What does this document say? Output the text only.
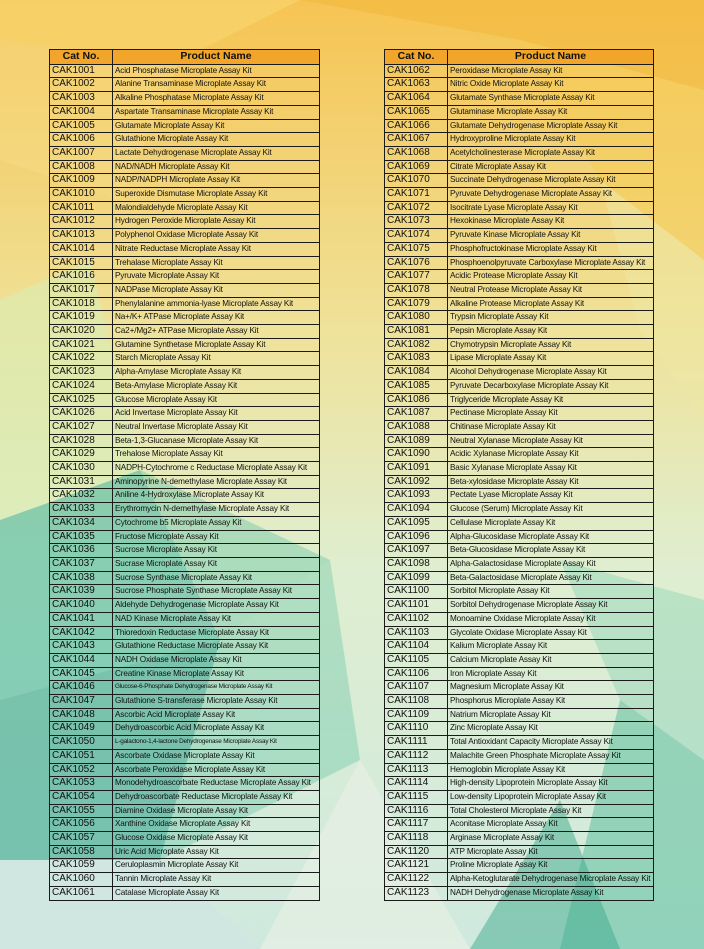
Cat No.	Product Name
CAK1001	Acid Phosphatase Microplate Assay Kit
CAK1002	Alanine Transaminase Microplate Assay Kit
CAK1003	Alkaline Phosphatase Microplate Assay Kit
CAK1004	Aspartate Transaminase Microplate Assay Kit
CAK1005	Glutamate Microplate Assay Kit
CAK1006	Glutathione Microplate Assay Kit
CAK1007	Lactate Dehydrogenase Microplate Assay Kit
CAK1008	NAD/NADH Microplate Assay Kit
CAK1009	NADP/NADPH Microplate Assay Kit
CAK1010	Superoxide Dismutase Microplate Assay Kit
CAK1011	Malondialdehyde Microplate Assay Kit
CAK1012	Hydrogen Peroxide Microplate Assay Kit
CAK1013	Polyphenol Oxidase Microplate Assay Kit
CAK1014	Nitrate Reductase Microplate Assay Kit
CAK1015	Trehalase Microplate Assay Kit
CAK1016	Pyruvate Microplate Assay Kit
CAK1017	NADPase Microplate Assay Kit
CAK1018	Phenylalanine ammonia-lyase Microplate Assay Kit
CAK1019	Na+/K+ ATPase Microplate Assay Kit
CAK1020	Ca2+/Mg2+ ATPase Microplate Assay Kit
CAK1021	Glutamine Synthetase Microplate Assay Kit
CAK1022	Starch Microplate Assay Kit
CAK1023	Alpha-Amylase Microplate Assay Kit
CAK1024	Beta-Amylase Microplate Assay Kit
CAK1025	Glucose Microplate Assay Kit
CAK1026	Acid Invertase Microplate Assay Kit
CAK1027	Neutral Invertase Microplate Assay Kit
CAK1028	Beta-1,3-Glucanase Microplate Assay Kit
CAK1029	Trehalose Microplate Assay Kit
CAK1030	NADPH-Cytochrome c Reductase Microplate Assay Kit
CAK1031	Aminopyrine N-demethylase Microplate Assay Kit
CAK1032	Aniline 4-Hydroxylase Microplate Assay Kit
CAK1033	Erythromycin N-demethylase Microplate Assay Kit
CAK1034	Cytochrome b5 Microplate Assay Kit
CAK1035	Fructose Microplate Assay Kit
CAK1036	Sucrose Microplate Assay Kit
CAK1037	Sucrase Microplate Assay Kit
CAK1038	Sucrose Synthase Microplate Assay Kit
CAK1039	Sucrose Phosphate Synthase Microplate Assay Kit
CAK1040	Aldehyde Dehydrogenase Microplate Assay Kit
CAK1041	NAD Kinase Microplate Assay Kit
CAK1042	Thioredoxin Reductase Microplate Assay Kit
CAK1043	Glutathione Reductase Microplate Assay Kit
CAK1044	NADH Oxidase Microplate Assay Kit
CAK1045	Creatine Kinase Microplate Assay Kit
CAK1046	Glucose-6-Phosphate Dehydrogenase Microplate Assay Kit
CAK1047	Glutathione S-transferase Microplate Assay Kit
CAK1048	Ascorbic Acid Microplate Assay Kit
CAK1049	Dehydroascorbic Acid Microplate Assay Kit
CAK1050	L-galactono-1,4-lactone Dehydrogenase Microplate Assay Kit
CAK1051	Ascorbate Oxidase Microplate Assay Kit
CAK1052	Ascorbate Peroxidase Microplate Assay Kit
CAK1053	Monodehydroascorbate Reductase Microplate Assay Kit
CAK1054	Dehydroascorbate Reductase Microplate Assay Kit
CAK1055	Diamine Oxidase Microplate Assay Kit
CAK1056	Xanthine Oxidase Microplate Assay Kit
CAK1057	Glucose Oxidase Microplate Assay Kit
CAK1058	Uric Acid Microplate Assay Kit
CAK1059	Ceruloplasmin Microplate Assay Kit
CAK1060	Tannin Microplate Assay Kit
CAK1061	Catalase Microplate Assay Kit
Cat No.	Product Name
CAK1062	Peroxidase Microplate Assay Kit
CAK1063	Nitric Oxide Microplate Assay Kit
CAK1064	Glutamate Synthase Microplate Assay Kit
CAK1065	Glutaminase Microplate Assay Kit
CAK1066	Glutamate Dehydrogenase Microplate Assay Kit
CAK1067	Hydroxyproline Microplate Assay Kit
CAK1068	Acetylcholinesterase Microplate Assay Kit
CAK1069	Citrate Microplate Assay Kit
CAK1070	Succinate Dehydrogenase Microplate Assay Kit
CAK1071	Pyruvate Dehydrogenase Microplate Assay Kit
CAK1072	Isocitrate Lyase Microplate Assay Kit
CAK1073	Hexokinase Microplate Assay Kit
CAK1074	Pyruvate Kinase Microplate Assay Kit
CAK1075	Phosphofructokinase Microplate Assay Kit
CAK1076	Phosphoenolpyruvate Carboxylase Microplate Assay Kit
CAK1077	Acidic Protease Microplate Assay Kit
CAK1078	Neutral Protease Microplate Assay Kit
CAK1079	Alkaline Protease Microplate Assay Kit
CAK1080	Trypsin Microplate Assay Kit
CAK1081	Pepsin Microplate Assay Kit
CAK1082	Chymotrypsin Microplate Assay Kit
CAK1083	Lipase Microplate Assay Kit
CAK1084	Alcohol Dehydrogenase Microplate Assay Kit
CAK1085	Pyruvate Decarboxylase Microplate Assay Kit
CAK1086	Triglyceride Microplate Assay Kit
CAK1087	Pectinase Microplate Assay Kit
CAK1088	Chitinase Microplate Assay Kit
CAK1089	Neutral Xylanase Microplate Assay Kit
CAK1090	Acidic Xylanase Microplate Assay Kit
CAK1091	Basic Xylanase Microplate Assay Kit
CAK1092	Beta-xylosidase Microplate Assay Kit
CAK1093	Pectate Lyase Microplate Assay Kit
CAK1094	Glucose (Serum) Microplate Assay Kit
CAK1095	Cellulase Microplate Assay Kit
CAK1096	Alpha-Glucosidase Microplate Assay Kit
CAK1097	Beta-Glucosidase Microplate Assay Kit
CAK1098	Alpha-Galactosidase Microplate Assay Kit
CAK1099	Beta-Galactosidase Microplate Assay Kit
CAK1100	Sorbitol Microplate Assay Kit
CAK1101	Sorbitol Dehydrogenase Microplate Assay Kit
CAK1102	Monoamine Oxidase Microplate Assay Kit
CAK1103	Glycolate Oxidase Microplate Assay Kit
CAK1104	Kalium Microplate Assay Kit
CAK1105	Calcium Microplate Assay Kit
CAK1106	Iron Microplate Assay Kit
CAK1107	Magnesium Microplate Assay Kit
CAK1108	Phosphorus Microplate Assay Kit
CAK1109	Natrium Microplate Assay Kit
CAK1110	Zinc Microplate Assay Kit
CAK1111	Total Antioxidant Capacity Microplate Assay Kit
CAK1112	Malachite Green Phosphate Microplate Assay Kit
CAK1113	Hemoglobin Microplate Assay Kit
CAK1114	High-density Lipoprotein Microplate Assay Kit
CAK1115	Low-density Lipoprotein Microplate Assay Kit
CAK1116	Total Cholesterol Microplate Assay Kit
CAK1117	Aconitase Microplate Assay Kit
CAK1118	Arginase Microplate Assay Kit
CAK1120	ATP Microplate Assay Kit
CAK1121	Proline Microplate Assay Kit
CAK1122	Alpha-Ketoglutarate Dehydrogenase Microplate Assay Kit
CAK1123	NADH Dehydrogenase Microplate Assay Kit
